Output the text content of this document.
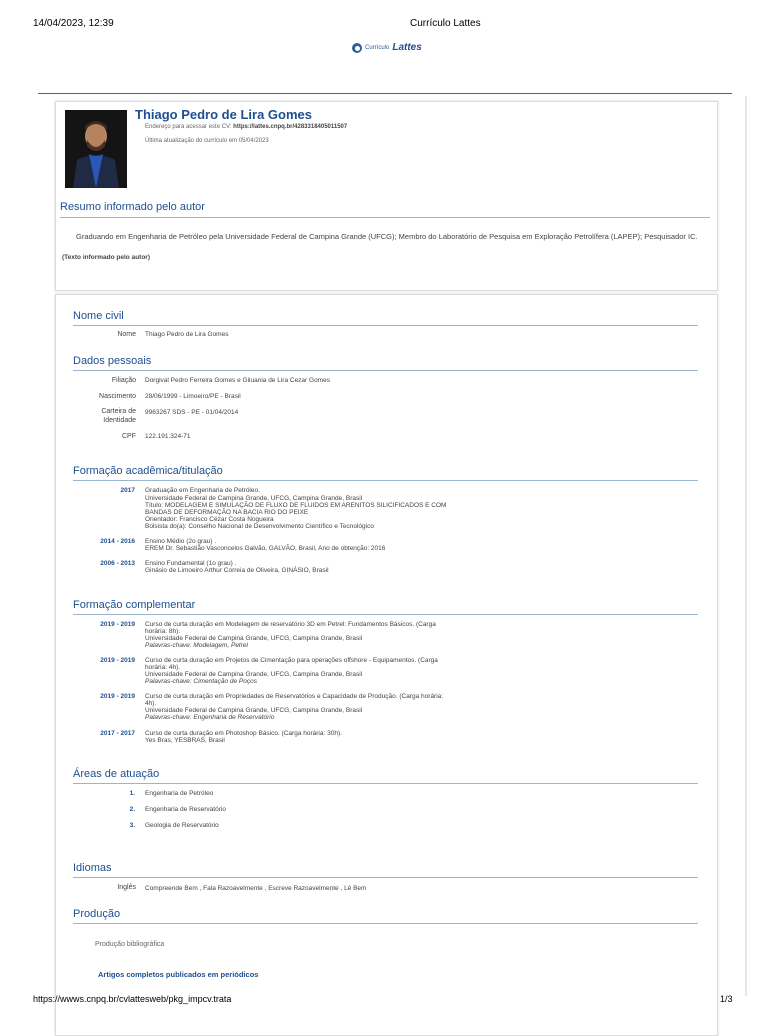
14/04/2023, 12:39	Currículo Lattes
Currículo Lattes
Thiago Pedro de Lira Gomes
Endereço para acessar este CV: https://lattes.cnpq.br/4283318405011507
Última atualização do currículo em 05/04/2023
Resumo informado pelo autor
Graduando em Engenharia de Petróleo pela Universidade Federal de Campina Grande (UFCG); Membro do Laboratório de Pesquisa em Exploração Petrolífera (LAPEP); Pesquisador IC.
(Texto informado pelo autor)
Nome civil
Nome Thiago Pedro de Lira Gomes
Dados pessoais
Filiação Dorgival Pedro Ferreira Gomes e Giluania de Lira Cezar Gomes
Nascimento 28/06/1999 - Limoeiro/PE - Brasil
Carteira de
Identidade
9963267 SDS - PE - 01/04/2014
CPF 122.191.324-71
Formação acadêmica/titulação
2017 Graduação em Engenharia de Petróleo.
Universidade Federal de Campina Grande, UFCG, Campina Grande, Brasil
Título: MODELAGEM E SIMULAÇÃO DE FLUXO DE FLUIDOS EM ARENITOS SILICIFICADOS E COM
BANDAS DE DEFORMAÇÃO NA BACIA RIO DO PEIXE
Orientador: Francisco Cézar Costa Nogueira
Bolsista do(a): Conselho Nacional de Desenvolvimento Científico e Tecnológico
2014 - 2016 Ensino Médio (2o grau) .
EREM Dr. Sebastião Vasconcelos Galvão, GALVÃO, Brasil, Ano de obtenção: 2016
2006 - 2013 Ensino Fundamental (1o grau) .
Ginásio de Limoeiro Arthur Correia de Oliveira, GINÁSIO, Brasil
Formação complementar
2019 - 2019 Curso de curta duração em Modelagem de reservatório 3D em Petrel: Fundamentos Básicos. (Carga
horária: 8h).
Universidade Federal de Campina Grande, UFCG, Campina Grande, Brasil
Palavras-chave: Modelagem, Petrel
2019 - 2019 Curso de curta duração em Projetos de Cimentação para operações offshore - Equipamentos. (Carga
horária: 4h).
Universidade Federal de Campina Grande, UFCG, Campina Grande, Brasil
Palavras-chave: Cimentação de Poços
2019 - 2019 Curso de curta duração em Propriedades de Reservatórios e Capacidade de Produção. (Carga horária:
4h).
Universidade Federal de Campina Grande, UFCG, Campina Grande, Brasil
Palavras-chave: Engenharia de Reservatório
2017 - 2017 Curso de curta duração em Photoshop Básico. (Carga horária: 30h).
Yes Bras, YESBRAS, Brasil
Áreas de atuação
1. Engenharia de Petróleo
2. Engenharia de Reservatório
3. Geologia de Reservatório
Idiomas
Inglês Compreende Bem , Fala Razoavelmente , Escreve Razoavelmente , Lê Bem
Produção
Produção bibliográfica
Artigos completos publicados em periódicos
https://wwws.cnpq.br/cvlattesweb/pkg_impcv.trata	1/3
